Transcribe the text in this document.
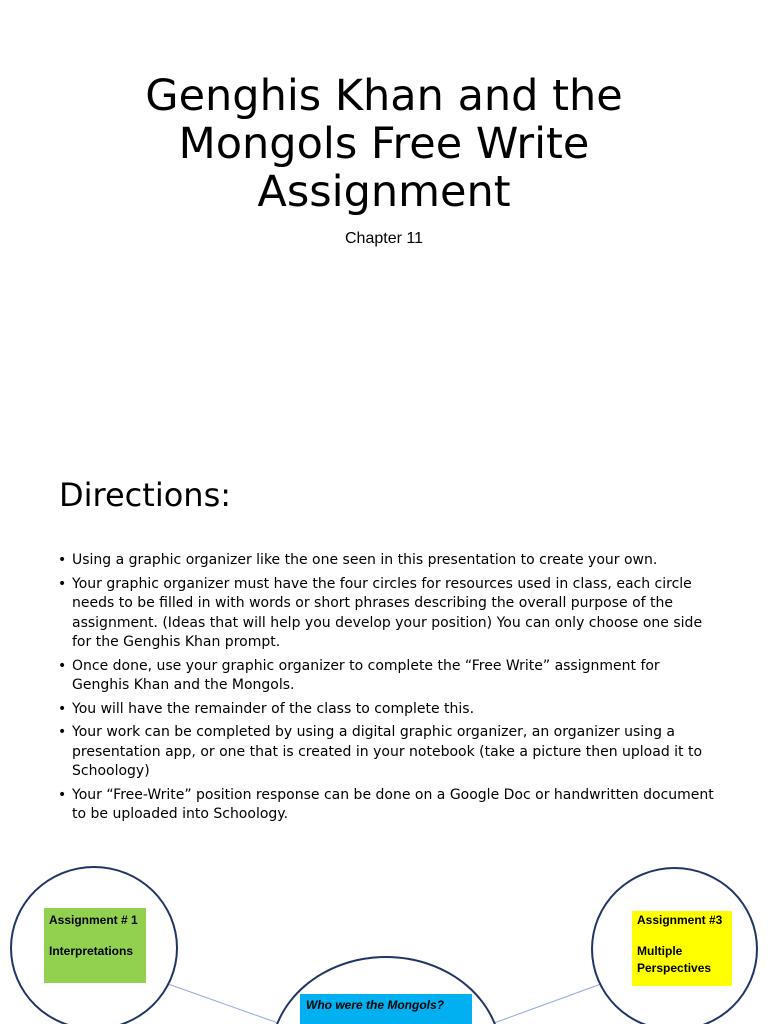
Genghis Khan and the
Mongols Free Write
Assignment
Chapter 11
Directions:
• Using a graphic organizer like the one seen in this presentation to create your own.
• Your graphic organizer must have the four circles for resources used in class, each circle needs to be filled in with words or short phrases describing the overall purpose of the assignment. (Ideas that will help you develop your position) You can only choose one side for the Genghis Khan prompt.
• Once done, use your graphic organizer to complete the “Free Write” assignment for Genghis Khan and the Mongols.
• You will have the remainder of the class to complete this.
• Your work can be completed by using a digital graphic organizer, an organizer using a presentation app, or one that is created in your notebook (take a picture then upload it to Schoology)
• Your “Free-Write” position response can be done on a Google Doc or handwritten document to be uploaded into Schoology.

Assignment # 1

Interpretations

Assignment #3

Multiple

Perspectives

Who were the Mongols?
